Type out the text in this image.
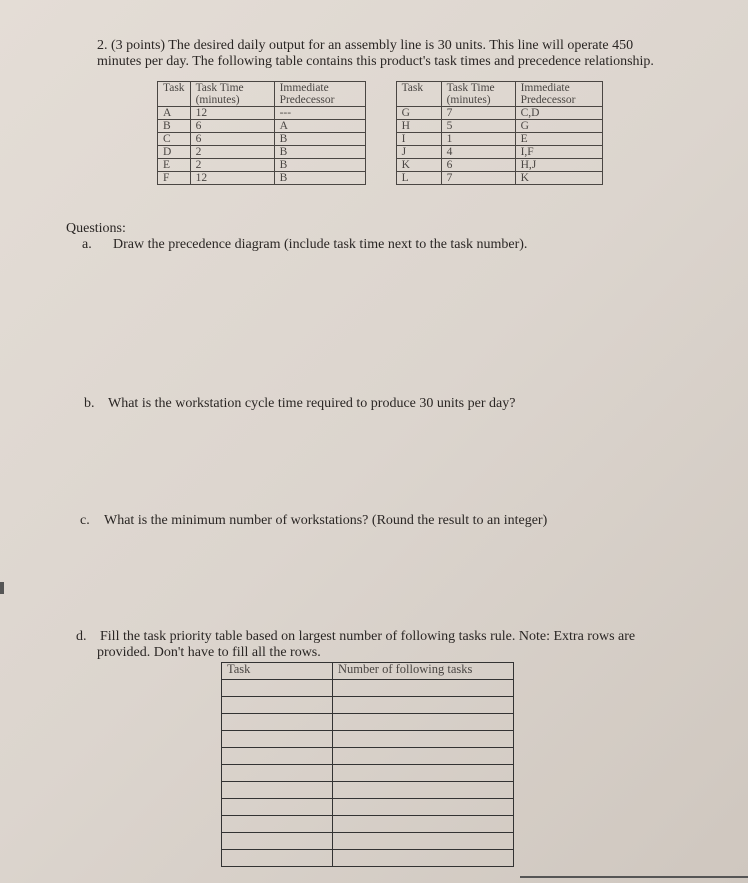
2. (3 points) The desired daily output for an assembly line is 30 units. This line will operate 450 minutes per day. The following table contains this product's task times and precedence relationship.

Task	Task Time (minutes)	Immediate Predecessor		Task	Task Time (minutes)	Immediate Predecessor
A	12	---		G	7	C,D
B	6	A		H	5	G
C	6	B		I	1	E
D	2	B		J	4	I,F
E	2	B		K	6	H,J
F	12	B		L	7	K

Questions:

a. Draw the precedence diagram (include task time next to the task number).

b. What is the workstation cycle time required to produce 30 units per day?

c. What is the minimum number of workstations? (Round the result to an integer)

d. Fill the task priority table based on largest number of following tasks rule. Note: Extra rows are provided. Don't have to fill all the rows.

Task	Number of following tasks
